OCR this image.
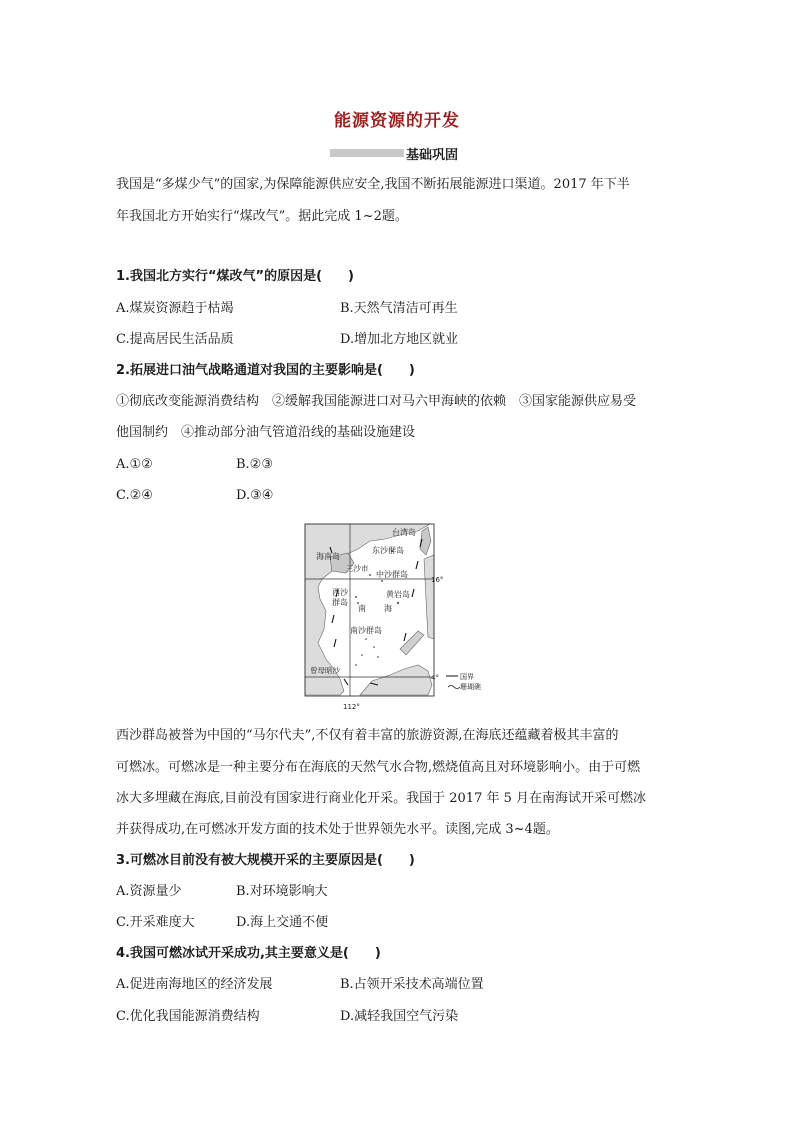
能源资源的开发
基础巩固
我国是“多煤少气”的国家,为保障能源供应安全,我国不断拓展能源进口渠道。2017 年下半
年我国北方开始实行“煤改气”。据此完成 1~2题。
1.我国北方实行“煤改气”的原因是(　　)
A.煤炭资源趋于枯竭	B.天然气清洁可再生
C.提高居民生活品质	D.增加北方地区就业
2.拓展进口油气战略通道对我国的主要影响是(　　)
①彻底改变能源消费结构　②缓解我国能源进口对马六甲海峡的依赖　③国家能源供应易受
他国制约　④推动部分油气管道沿线的基础设施建设
A.①②	B.②③
C.②④	D.③④
台湾岛
海南岛
东沙群岛
三沙市
中沙群岛
西沙
群岛
黄岩岛
南 海
南沙群岛
曾母暗沙
16°
4°
112°
国界
珊瑚礁
西沙群岛被誉为中国的“马尔代夫”,不仅有着丰富的旅游资源,在海底还蕴藏着极其丰富的
可燃冰。可燃冰是一种主要分布在海底的天然气水合物,燃烧值高且对环境影响小。由于可燃
冰大多埋藏在海底,目前没有国家进行商业化开采。我国于 2017 年 5 月在南海试开采可燃冰
并获得成功,在可燃冰开发方面的技术处于世界领先水平。读图,完成 3~4题。
3.可燃冰目前没有被大规模开采的主要原因是(　　)
A.资源量少	B.对环境影响大
C.开采难度大	D.海上交通不便
4.我国可燃冰试开采成功,其主要意义是(　　)
A.促进南海地区的经济发展	B.占领开采技术高端位置
C.优化我国能源消费结构	D.减轻我国空气污染
